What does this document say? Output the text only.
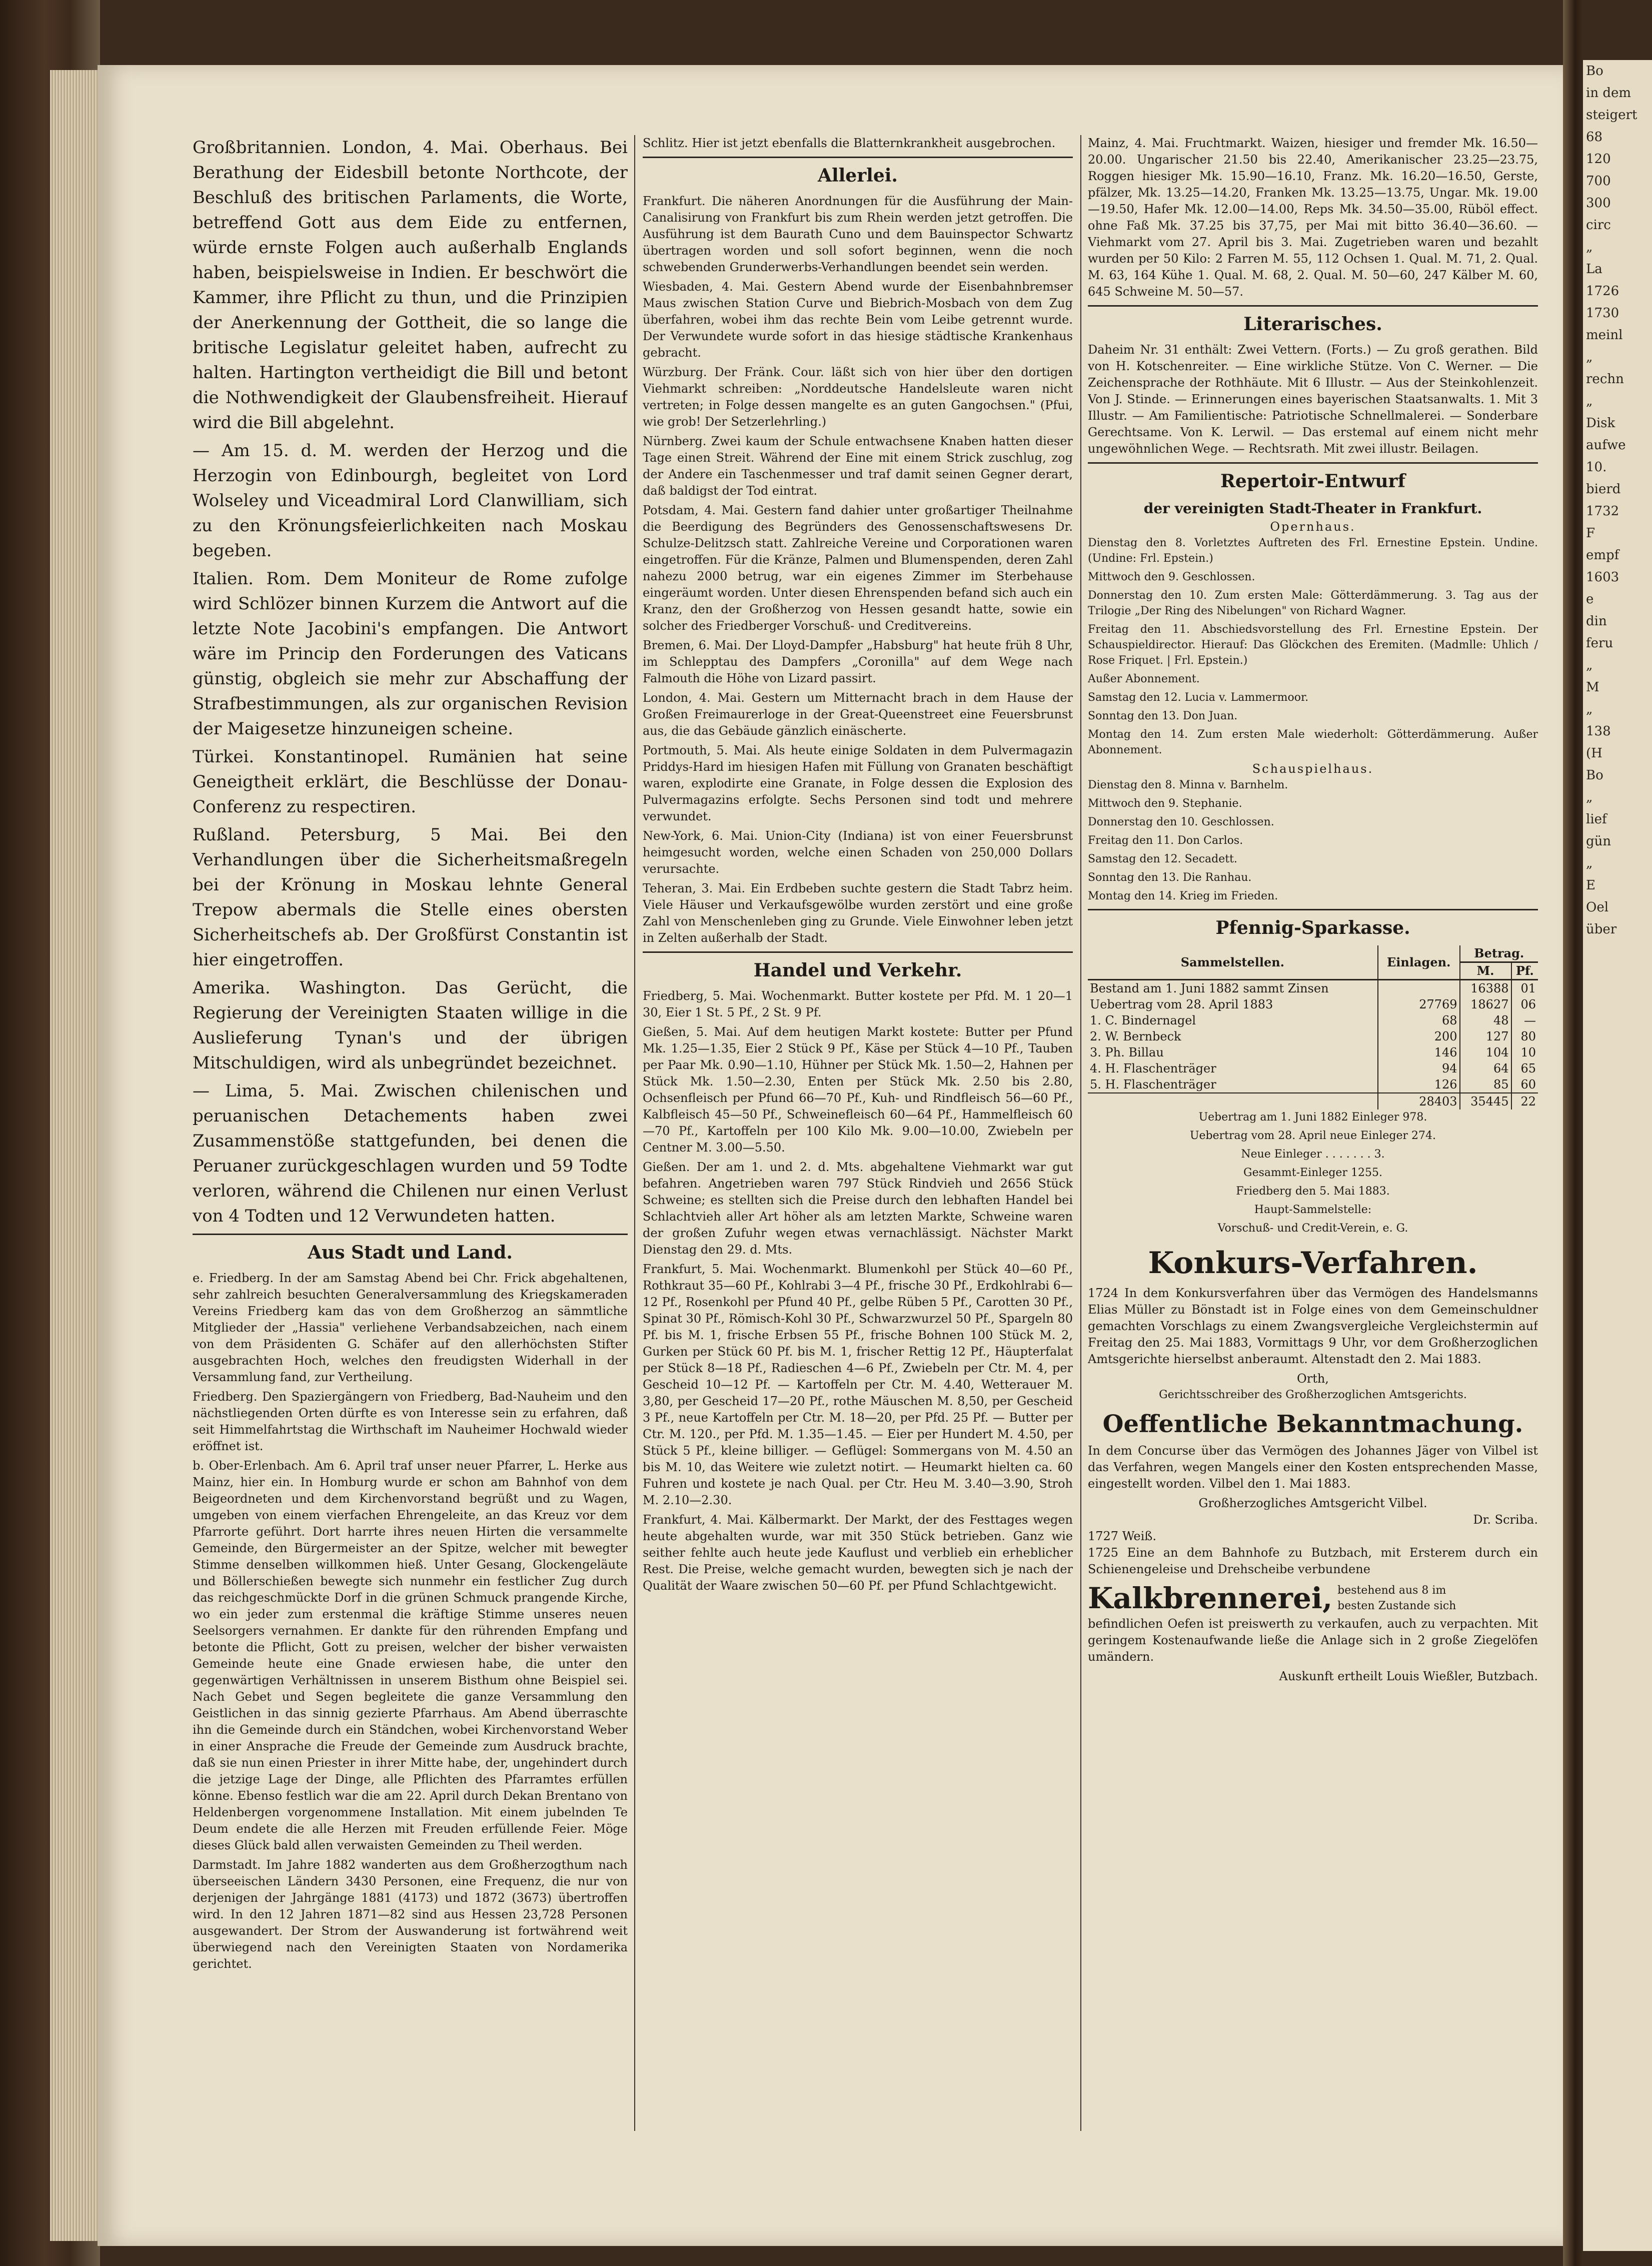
Bo
in dem
steigert
68
120
700
300
circ
„
La
1726
1730
meinl
„
rechn
„
Disk
aufwe
10.
bierd
1732
F
empf
1603
e
din
feru
„
M
„
138
(H
Bo
„
lief
gün
„
E
Oel
über

Großbritannien. London, 4. Mai. Oberhaus. Bei Berathung der Eidesbill betonte Northcote, der Beschluß des britischen Parlaments, die Worte, betreffend Gott aus dem Eide zu entfernen, würde ernste Folgen auch außerhalb Englands haben, beispielsweise in Indien. Er beschwört die Kammer, ihre Pflicht zu thun, und die Prinzipien der Anerkennung der Gottheit, die so lange die britische Legislatur geleitet haben, aufrecht zu halten. Hartington vertheidigt die Bill und betont die Nothwendigkeit der Glaubensfreiheit. Hierauf wird die Bill abgelehnt.

— Am 15. d. M. werden der Herzog und die Herzogin von Edinbourgh, begleitet von Lord Wolseley und Viceadmiral Lord Clanwilliam, sich zu den Krönungsfeierlichkeiten nach Moskau begeben.

Italien. Rom. Dem Moniteur de Rome zufolge wird Schlözer binnen Kurzem die Antwort auf die letzte Note Jacobini's empfangen. Die Antwort wäre im Princip den Forderungen des Vaticans günstig, obgleich sie mehr zur Abschaffung der Strafbestimmungen, als zur organischen Revision der Maigesetze hinzuneigen scheine.

Türkei. Konstantinopel. Rumänien hat seine Geneigtheit erklärt, die Beschlüsse der Donau-Conferenz zu respectiren.

Rußland. Petersburg, 5 Mai. Bei den Verhandlungen über die Sicherheitsmaßregeln bei der Krönung in Moskau lehnte General Trepow abermals die Stelle eines obersten Sicherheitschefs ab. Der Großfürst Constantin ist hier eingetroffen.

Amerika. Washington. Das Gerücht, die Regierung der Vereinigten Staaten willige in die Auslieferung Tynan's und der übrigen Mitschuldigen, wird als unbegründet bezeichnet.

— Lima, 5. Mai. Zwischen chilenischen und peruanischen Detachements haben zwei Zusammenstöße stattgefunden, bei denen die Peruaner zurückgeschlagen wurden und 59 Todte verloren, während die Chilenen nur einen Verlust von 4 Todten und 12 Verwundeten hatten.

Aus Stadt und Land.

e. Friedberg. In der am Samstag Abend bei Chr. Frick abgehaltenen, sehr zahlreich besuchten Generalversammlung des Kriegskameraden Vereins Friedberg kam das von dem Großherzog an sämmtliche Mitglieder der „Hassia" verliehene Verbandsabzeichen, nach einem von dem Präsidenten G. Schäfer auf den allerhöchsten Stifter ausgebrachten Hoch, welches den freudigsten Widerhall in der Versammlung fand, zur Vertheilung.

Friedberg. Den Spaziergängern von Friedberg, Bad-Nauheim und den nächstliegenden Orten dürfte es von Interesse sein zu erfahren, daß seit Himmelfahrtstag die Wirthschaft im Nauheimer Hochwald wieder eröffnet ist.

b. Ober-Erlenbach. Am 6. April traf unser neuer Pfarrer, L. Herke aus Mainz, hier ein. In Homburg wurde er schon am Bahnhof von dem Beigeordneten und dem Kirchenvorstand begrüßt und zu Wagen, umgeben von einem vierfachen Ehrengeleite, an das Kreuz vor dem Pfarrorte geführt. Dort harrte ihres neuen Hirten die versammelte Gemeinde, den Bürgermeister an der Spitze, welcher mit bewegter Stimme denselben willkommen hieß. Unter Gesang, Glockengeläute und Böllerschießen bewegte sich nunmehr ein festlicher Zug durch das reichgeschmückte Dorf in die grünen Schmuck prangende Kirche, wo ein jeder zum erstenmal die kräftige Stimme unseres neuen Seelsorgers vernahmen. Er dankte für den rührenden Empfang und betonte die Pflicht, Gott zu preisen, welcher der bisher verwaisten Gemeinde heute eine Gnade erwiesen habe, die unter den gegenwärtigen Verhältnissen in unserem Bisthum ohne Beispiel sei. Nach Gebet und Segen begleitete die ganze Versammlung den Geistlichen in das sinnig gezierte Pfarrhaus. Am Abend überraschte ihn die Gemeinde durch ein Ständchen, wobei Kirchenvorstand Weber in einer Ansprache die Freude der Gemeinde zum Ausdruck brachte, daß sie nun einen Priester in ihrer Mitte habe, der, ungehindert durch die jetzige Lage der Dinge, alle Pflichten des Pfarramtes erfüllen könne. Ebenso festlich war die am 22. April durch Dekan Brentano von Heldenbergen vorgenommene Installation. Mit einem jubelnden Te Deum endete die alle Herzen mit Freuden erfüllende Feier. Möge dieses Glück bald allen verwaisten Gemeinden zu Theil werden.

Darmstadt. Im Jahre 1882 wanderten aus dem Großherzogthum nach überseeischen Ländern 3430 Personen, eine Frequenz, die nur von derjenigen der Jahrgänge 1881 (4173) und 1872 (3673) übertroffen wird. In den 12 Jahren 1871—82 sind aus Hessen 23,728 Personen ausgewandert. Der Strom der Auswanderung ist fortwährend weit überwiegend nach den Vereinigten Staaten von Nordamerika gerichtet.

Schlitz. Hier ist jetzt ebenfalls die Blatternkrankheit ausgebrochen.

Allerlei.

Frankfurt. Die näheren Anordnungen für die Ausführung der Main-Canalisirung von Frankfurt bis zum Rhein werden jetzt getroffen. Die Ausführung ist dem Baurath Cuno und dem Bauinspector Schwartz übertragen worden und soll sofort beginnen, wenn die noch schwebenden Grunderwerbs-Verhandlungen beendet sein werden.

Wiesbaden, 4. Mai. Gestern Abend wurde der Eisenbahnbremser Maus zwischen Station Curve und Biebrich-Mosbach von dem Zug überfahren, wobei ihm das rechte Bein vom Leibe getrennt wurde. Der Verwundete wurde sofort in das hiesige städtische Krankenhaus gebracht.

Würzburg. Der Fränk. Cour. läßt sich von hier über den dortigen Viehmarkt schreiben: „Norddeutsche Handelsleute waren nicht vertreten; in Folge dessen mangelte es an guten Gangochsen." (Pfui, wie grob! Der Setzerlehrling.)

Nürnberg. Zwei kaum der Schule entwachsene Knaben hatten dieser Tage einen Streit. Während der Eine mit einem Strick zuschlug, zog der Andere ein Taschenmesser und traf damit seinen Gegner derart, daß baldigst der Tod eintrat.

Potsdam, 4. Mai. Gestern fand dahier unter großartiger Theilnahme die Beerdigung des Begründers des Genossenschaftswesens Dr. Schulze-Delitzsch statt. Zahlreiche Vereine und Corporationen waren eingetroffen. Für die Kränze, Palmen und Blumenspenden, deren Zahl nahezu 2000 betrug, war ein eigenes Zimmer im Sterbehause eingeräumt worden. Unter diesen Ehrenspenden befand sich auch ein Kranz, den der Großherzog von Hessen gesandt hatte, sowie ein solcher des Friedberger Vorschuß- und Creditvereins.

Bremen, 6. Mai. Der Lloyd-Dampfer „Habsburg" hat heute früh 8 Uhr, im Schlepptau des Dampfers „Coronilla" auf dem Wege nach Falmouth die Höhe von Lizard passirt.

London, 4. Mai. Gestern um Mitternacht brach in dem Hause der Großen Freimaurerloge in der Great-Queenstreet eine Feuersbrunst aus, die das Gebäude gänzlich einäscherte.

Portmouth, 5. Mai. Als heute einige Soldaten in dem Pulvermagazin Priddys-Hard im hiesigen Hafen mit Füllung von Granaten beschäftigt waren, explodirte eine Granate, in Folge dessen die Explosion des Pulvermagazins erfolgte. Sechs Personen sind todt und mehrere verwundet.

New-York, 6. Mai. Union-City (Indiana) ist von einer Feuersbrunst heimgesucht worden, welche einen Schaden von 250,000 Dollars verursachte.

Teheran, 3. Mai. Ein Erdbeben suchte gestern die Stadt Tabrz heim. Viele Häuser und Verkaufsgewölbe wurden zerstört und eine große Zahl von Menschenleben ging zu Grunde. Viele Einwohner leben jetzt in Zelten außerhalb der Stadt.

Handel und Verkehr.

Friedberg, 5. Mai. Wochenmarkt. Butter kostete per Pfd. M. 1 20—1 30, Eier 1 St. 5 Pf., 2 St. 9 Pf.

Gießen, 5. Mai. Auf dem heutigen Markt kostete: Butter per Pfund Mk. 1.25—1.35, Eier 2 Stück 9 Pf., Käse per Stück 4—10 Pf., Tauben per Paar Mk. 0.90—1.10, Hühner per Stück Mk. 1.50—2, Hahnen per Stück Mk. 1.50—2.30, Enten per Stück Mk. 2.50 bis 2.80, Ochsenfleisch per Pfund 66—70 Pf., Kuh- und Rindfleisch 56—60 Pf., Kalbfleisch 45—50 Pf., Schweinefleisch 60—64 Pf., Hammelfleisch 60—70 Pf., Kartoffeln per 100 Kilo Mk. 9.00—10.00, Zwiebeln per Centner M. 3.00—5.50.

Gießen. Der am 1. und 2. d. Mts. abgehaltene Viehmarkt war gut befahren. Angetrieben waren 797 Stück Rindvieh und 2656 Stück Schweine; es stellten sich die Preise durch den lebhaften Handel bei Schlachtvieh aller Art höher als am letzten Markte, Schweine waren der großen Zufuhr wegen etwas vernachlässigt. Nächster Markt Dienstag den 29. d. Mts.

Frankfurt, 5. Mai. Wochenmarkt. Blumenkohl per Stück 40—60 Pf., Rothkraut 35—60 Pf., Kohlrabi 3—4 Pf., frische 30 Pf., Erdkohlrabi 6—12 Pf., Rosenkohl per Pfund 40 Pf., gelbe Rüben 5 Pf., Carotten 30 Pf., Spinat 30 Pf., Römisch-Kohl 30 Pf., Schwarzwurzel 50 Pf., Spargeln 80 Pf. bis M. 1, frische Erbsen 55 Pf., frische Bohnen 100 Stück M. 2, Gurken per Stück 60 Pf. bis M. 1, frischer Rettig 12 Pf., Häupterfalat per Stück 8—18 Pf., Radieschen 4—6 Pf., Zwiebeln per Ctr. M. 4, per Gescheid 10—12 Pf. — Kartoffeln per Ctr. M. 4.40, Wetterauer M. 3,80, per Gescheid 17—20 Pf., rothe Mäuschen M. 8,50, per Gescheid 3 Pf., neue Kartoffeln per Ctr. M. 18—20, per Pfd. 25 Pf. — Butter per Ctr. M. 120., per Pfd. M. 1.35—1.45. — Eier per Hundert M. 4.50, per Stück 5 Pf., kleine billiger. — Geflügel: Sommergans von M. 4.50 an bis M. 10, das Weitere wie zuletzt notirt. — Heumarkt hielten ca. 60 Fuhren und kostete je nach Qual. per Ctr. Heu M. 3.40—3.90, Stroh M. 2.10—2.30.

Frankfurt, 4. Mai. Kälbermarkt. Der Markt, der des Festtages wegen heute abgehalten wurde, war mit 350 Stück betrieben. Ganz wie seither fehlte auch heute jede Kauflust und verblieb ein erheblicher Rest. Die Preise, welche gemacht wurden, bewegten sich je nach der Qualität der Waare zwischen 50—60 Pf. per Pfund Schlachtgewicht.

Mainz, 4. Mai. Fruchtmarkt. Waizen, hiesiger und fremder Mk. 16.50—20.00. Ungarischer 21.50 bis 22.40, Amerikanischer 23.25—23.75, Roggen hiesiger Mk. 15.90—16.10, Franz. Mk. 16.20—16.50, Gerste, pfälzer, Mk. 13.25—14.20, Franken Mk. 13.25—13.75, Ungar. Mk. 19.00—19.50, Hafer Mk. 12.00—14.00, Reps Mk. 34.50—35.00, Rüböl effect. ohne Faß Mk. 37.25 bis 37,75, per Mai mit bitto 36.40—36.60. — Viehmarkt vom 27. April bis 3. Mai. Zugetrieben waren und bezahlt wurden per 50 Kilo: 2 Farren M. 55, 112 Ochsen 1. Qual. M. 71, 2. Qual. M. 63, 164 Kühe 1. Qual. M. 68, 2. Qual. M. 50—60, 247 Kälber M. 60, 645 Schweine M. 50—57.

Literarisches.

Daheim Nr. 31 enthält: Zwei Vettern. (Forts.) — Zu groß gerathen. Bild von H. Kotschenreiter. — Eine wirkliche Stütze. Von C. Werner. — Die Zeichensprache der Rothhäute. Mit 6 Illustr. — Aus der Steinkohlenzeit. Von J. Stinde. — Erinnerungen eines bayerischen Staatsanwalts. 1. Mit 3 Illustr. — Am Familientische: Patriotische Schnellmalerei. — Sonderbare Gerechtsame. Von K. Lerwil. — Das erstemal auf einem nicht mehr ungewöhnlichen Wege. — Rechtsrath. Mit zwei illustr. Beilagen.

Repertoir-Entwurf
der vereinigten Stadt-Theater in Frankfurt.
Opernhaus.

Dienstag den 8. Vorletztes Auftreten des Frl. Ernestine Epstein. Undine. (Undine: Frl. Epstein.)

Mittwoch den 9. Geschlossen.

Donnerstag den 10. Zum ersten Male: Götterdämmerung. 3. Tag aus der Trilogie „Der Ring des Nibelungen" von Richard Wagner.

Freitag den 11. Abschiedsvorstellung des Frl. Ernestine Epstein. Der Schauspieldirector. Hierauf: Das Glöckchen des Eremiten. (Madmlle: Uhlich / Rose Friquet. | Frl. Epstein.)

Außer Abonnement.

Samstag den 12. Lucia v. Lammermoor.

Sonntag den 13. Don Juan.

Montag den 14. Zum ersten Male wiederholt: Götterdämmerung. Außer Abonnement.

Schauspielhaus.

Dienstag den 8. Minna v. Barnhelm.

Mittwoch den 9. Stephanie.

Donnerstag den 10. Geschlossen.

Freitag den 11. Don Carlos.

Samstag den 12. Secadett.

Sonntag den 13. Die Ranhau.

Montag den 14. Krieg im Frieden.

Pfennig-Sparkasse.
Sammelstellen.	Einlagen.	Betrag.	
		M.	Pf.
Bestand am 1. Juni 1882 sammt Zinsen		16388	01
Uebertrag vom 28. April 1883	27769	18627	06
1. C. Bindernagel	68	48	—
2. W. Bernbeck	200	127	80
3. Ph. Billau	146	104	10
4. H. Flaschenträger	94	64	65
5. H. Flaschenträger	126	85	60
	28403	35445	22

Uebertrag am 1. Juni 1882 Einleger 978.

Uebertrag vom 28. April neue Einleger 274.

Neue Einleger . . . . . . . 3.

Gesammt-Einleger 1255.

Friedberg den 5. Mai 1883.

Haupt-Sammelstelle:

Vorschuß- und Credit-Verein, e. G.

Konkurs-Verfahren.

1724 In dem Konkursverfahren über das Vermögen des Handelsmanns Elias Müller zu Bönstadt ist in Folge eines von dem Gemeinschuldner gemachten Vorschlags zu einem Zwangsvergleiche Vergleichstermin auf Freitag den 25. Mai 1883, Vormittags 9 Uhr, vor dem Großherzoglichen Amtsgerichte hierselbst anberaumt. Altenstadt den 2. Mai 1883.

Orth,
Gerichtsschreiber des Großherzoglichen Amtsgerichts.
Oeffentliche Bekanntmachung.

In dem Concurse über das Vermögen des Johannes Jäger von Vilbel ist das Verfahren, wegen Mangels einer den Kosten entsprechenden Masse, eingestellt worden. Vilbel den 1. Mai 1883.

Großherzogliches Amtsgericht Vilbel.
Dr. Scriba.
1727 Weiß.

1725 Eine an dem Bahnhofe zu Butzbach, mit Ersterem durch ein Schienengeleise und Drehscheibe verbundene

Kalkbrennerei, bestehend aus 8 im besten Zustande sich

befindlichen Oefen ist preiswerth zu verkaufen, auch zu verpachten. Mit geringem Kostenaufwande ließe die Anlage sich in 2 große Ziegelöfen umändern.

Auskunft ertheilt Louis Wießler, Butzbach.
